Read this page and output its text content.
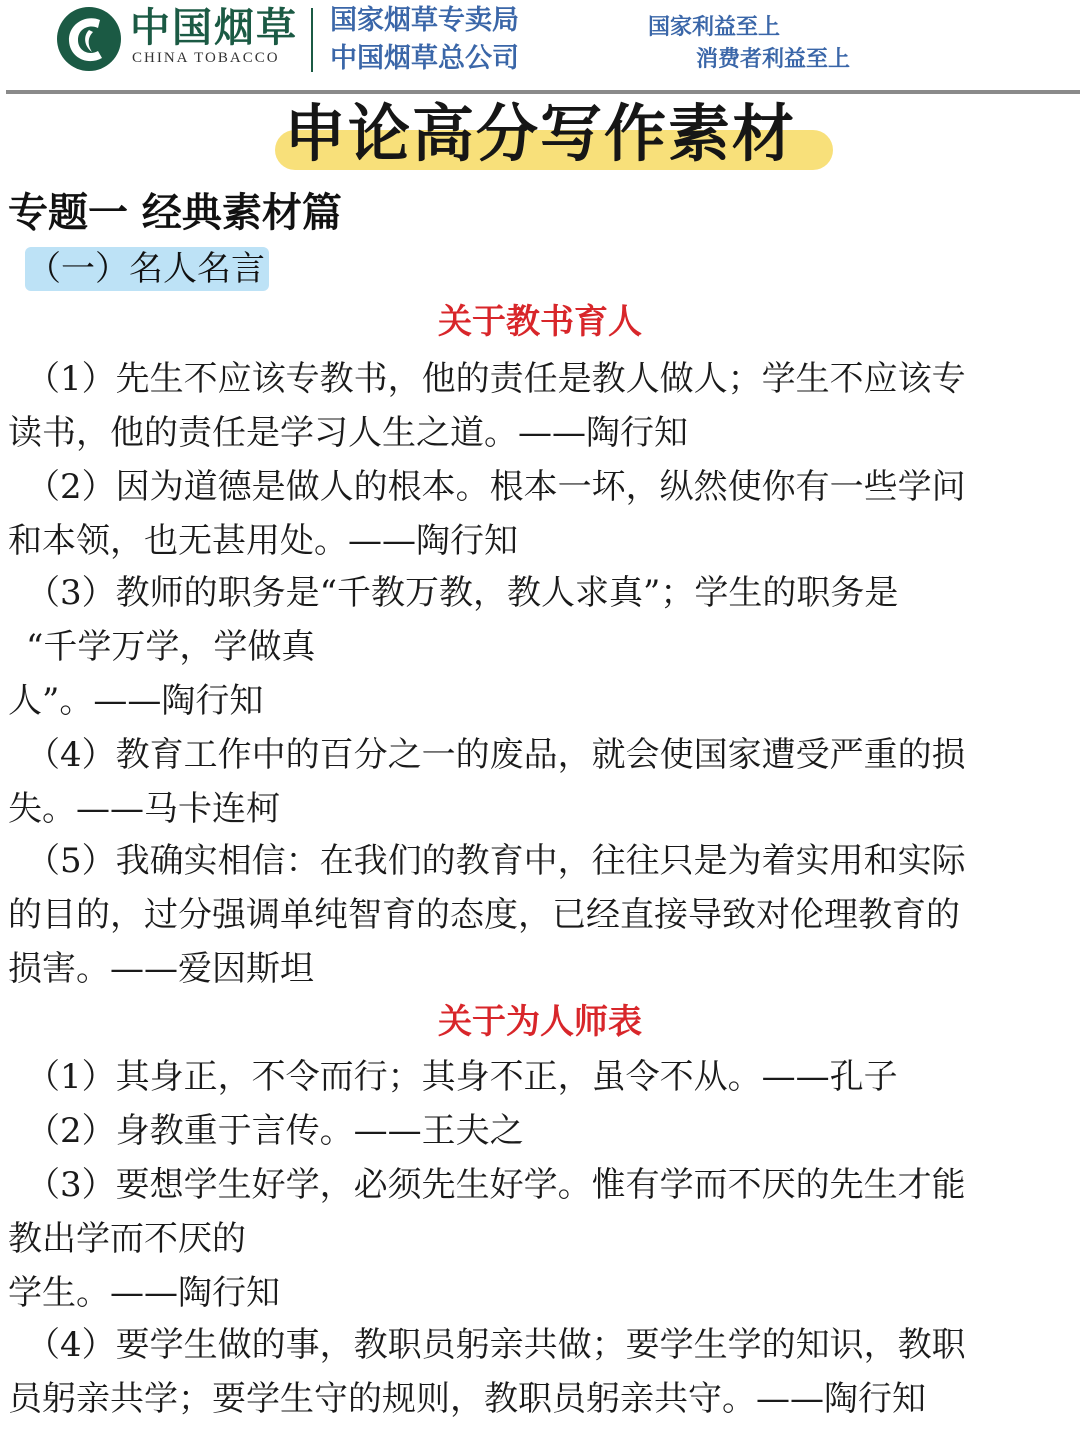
中国烟草
CHINA TOBACCO
国家烟草专卖局
中国烟草总公司
国家利益至上
消费者利益至上
申论高分写作素材
专题一 经典素材篇
（一）名人名言
关于教书育人
（1）先生不应该专教书，他的责任是教人做人；学生不应该专
读书，他的责任是学习人生之道。——陶行知
（2）因为道德是做人的根本。根本一坏，纵然使你有一些学问
和本领，也无甚用处。——陶行知
（3）教师的职务是“千教万教，教人求真”；学生的职务是
“千学万学，学做真
人”。——陶行知
（4）教育工作中的百分之一的废品，就会使国家遭受严重的损
失。——马卡连柯
（5）我确实相信：在我们的教育中，往往只是为着实用和实际
的目的，过分强调单纯智育的态度，已经直接导致对伦理教育的
损害。——爱因斯坦
关于为人师表
（1）其身正，不令而行；其身不正，虽令不从。——孔子
（2）身教重于言传。——王夫之
（3）要想学生好学，必须先生好学。惟有学而不厌的先生才能
教出学而不厌的
学生。——陶行知
（4）要学生做的事，教职员躬亲共做；要学生学的知识，教职
员躬亲共学；要学生守的规则，教职员躬亲共守。——陶行知
